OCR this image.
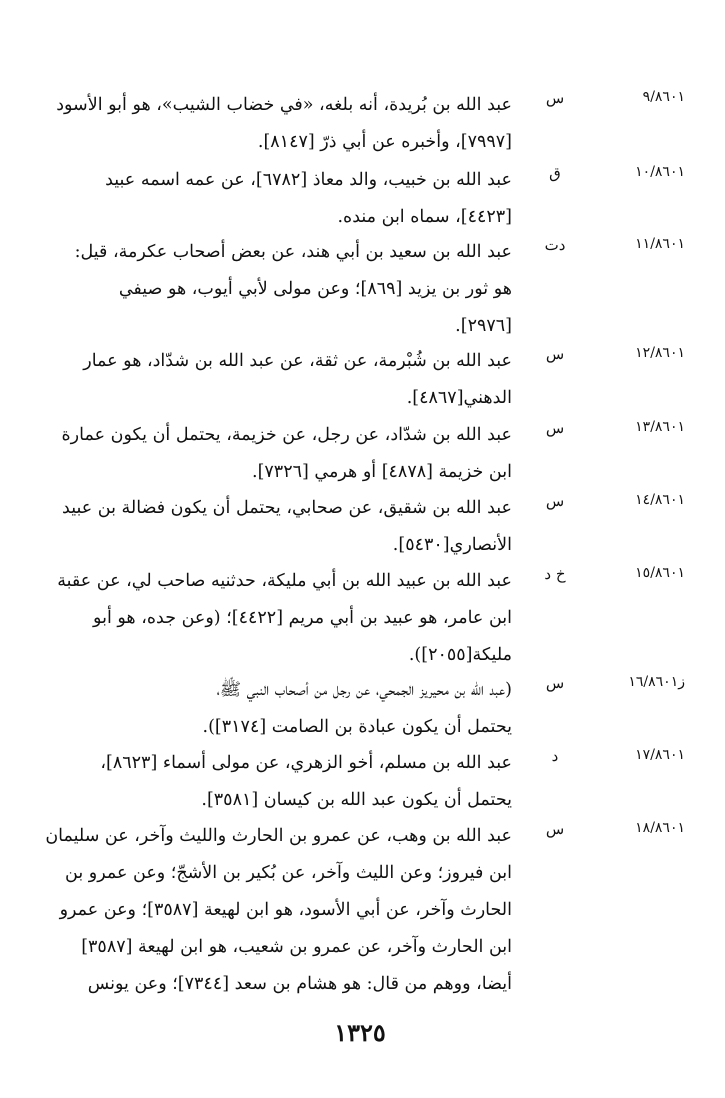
٩/٨٦٠١
س
عبد الله بن بُريدة، أنه بلغه، «في خضاب الشيب»، هو أبو الأسود
[٧٩٩٧]، وأخبره عن أبي ذرّ [٨١٤٧].
١٠/٨٦٠١
ق
عبد الله بن خبيب، والد معاذ [٦٧٨٢]، عن عمه اسمه عبيد
[٤٤٢٣]، سماه ابن منده.
١١/٨٦٠١
دت
عبد الله بن سعيد بن أبي هند، عن بعض أصحاب عكرمة، قيل:
هو ثور بن يزيد [٨٦٩]؛ وعن مولى لأبي أيوب، هو صيفي
[٢٩٧٦].
١٢/٨٦٠١
س
عبد الله بن شُبْرمة، عن ثقة، عن عبد الله بن شدّاد، هو عمار
الدهني[٤٨٦٧].
١٣/٨٦٠١
س
عبد الله بن شدّاد، عن رجل، عن خزيمة، يحتمل أن يكون عمارة
ابن خزيمة [٤٨٧٨] أو هرمي [٧٣٢٦].
١٤/٨٦٠١
س
عبد الله بن شقيق، عن صحابي، يحتمل أن يكون فضالة بن عبيد
الأنصاري[٥٤٣٠].
١٥/٨٦٠١
خ د
عبد الله بن عبيد الله بن أبي مليكة، حدثنيه صاحب لي، عن عقبة
ابن عامر، هو عبيد بن أبي مريم [٤٤٢٢]؛ (وعن جده، هو أبو
مليكة[٢٠٥٥]).
ز١٦/٨٦٠١
س
(عبد الله بن محيريز الجمحي، عن رجل من أصحاب النبي ﷺ،
يحتمل أن يكون عبادة بن الصامت [٣١٧٤]).
١٧/٨٦٠١
د
عبد الله بن مسلم، أخو الزهري، عن مولى أسماء [٨٦٢٣]،
يحتمل أن يكون عبد الله بن كيسان [٣٥٨١].
١٨/٨٦٠١
س
عبد الله بن وهب، عن عمرو بن الحارث والليث وآخر، عن سليمان
ابن فيروز؛ وعن الليث وآخر، عن بُكير بن الأشجّ؛ وعن عمرو بن
الحارث وآخر، عن أبي الأسود، هو ابن لهيعة [٣٥٨٧]؛ وعن عمرو
ابن الحارث وآخر، عن عمرو بن شعيب، هو ابن لهيعة [٣٥٨٧]
أيضا، ووهم من قال: هو هشام بن سعد [٧٣٤٤]؛ وعن يونس
١٣٢٥
